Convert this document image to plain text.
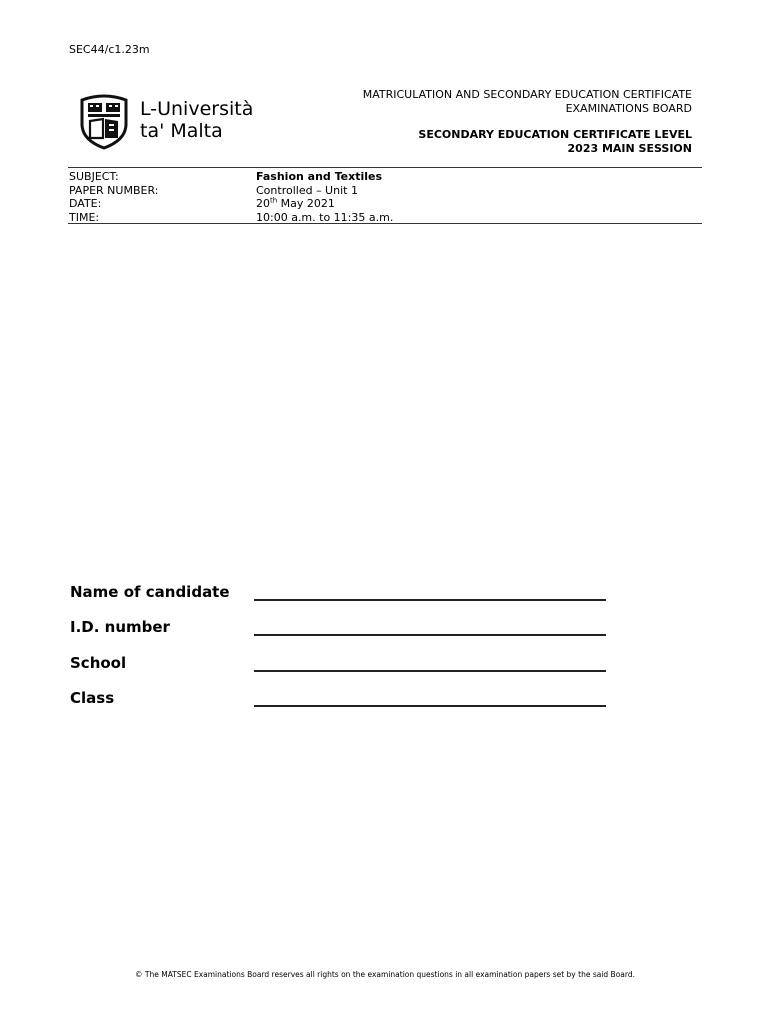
SEC44/c1.23m
L-Università
ta' Malta
MATRICULATION AND SECONDARY EDUCATION CERTIFICATE
EXAMINATIONS BOARD
SECONDARY EDUCATION CERTIFICATE LEVEL
2023 MAIN SESSION
SUBJECT:	Fashion and Textiles
PAPER NUMBER:	Controlled – Unit 1
DATE:	20th May 2021
TIME:	10:00 a.m. to 11:35 a.m.
Name of candidate
I.D. number
School
Class
© The MATSEC Examinations Board reserves all rights on the examination questions in all examination papers set by the said Board.
